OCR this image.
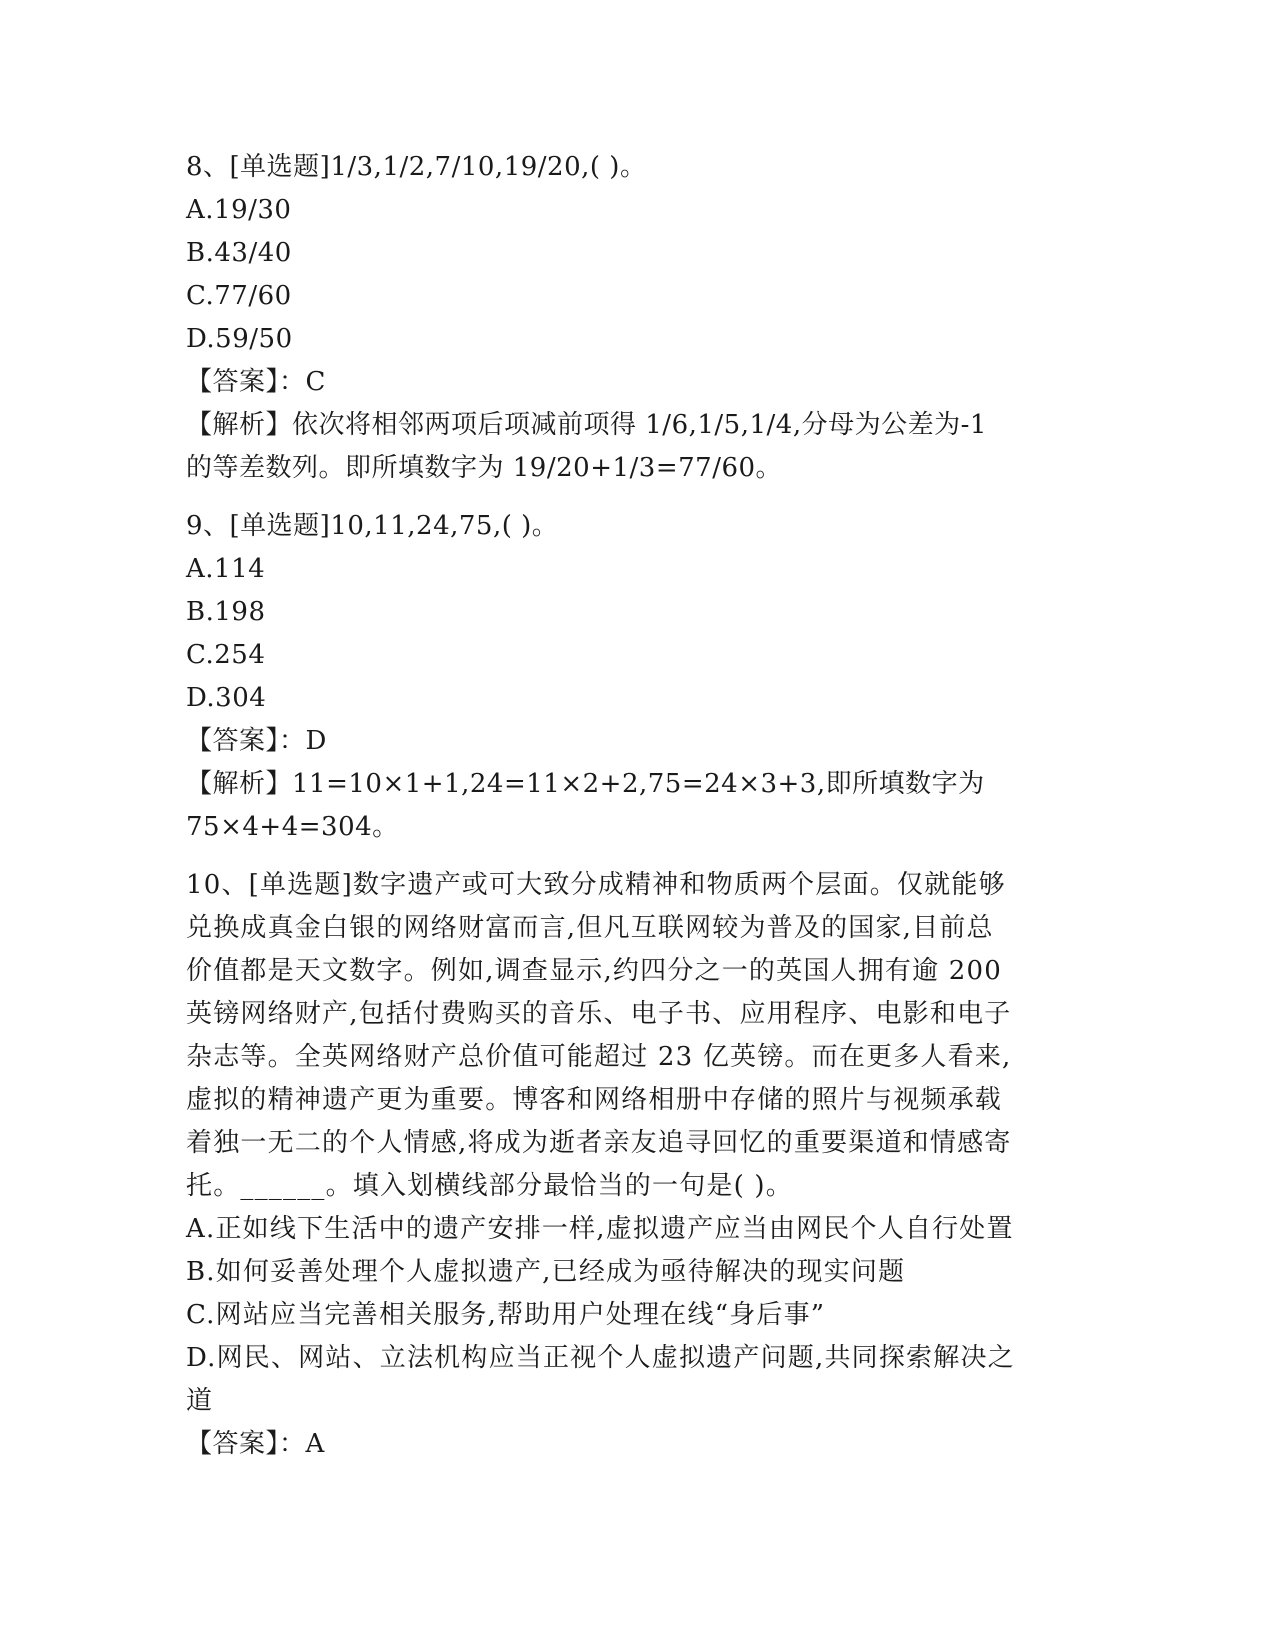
8、[单选题]1/3,1/2,7/10,19/20,( )。
A.19/30
B.43/40
C.77/60
D.59/50
【答案】：C
【解析】依次将相邻两项后项减前项得 1/6,1/5,1/4,分母为公差为-1
的等差数列。即所填数字为 19/20+1/3=77/60。
9、[单选题]10,11,24,75,( )。
A.114
B.198
C.254
D.304
【答案】：D
【解析】11=10×1+1,24=11×2+2,75=24×3+3,即所填数字为
75×4+4=304。
10、[单选题]数字遗产或可大致分成精神和物质两个层面。仅就能够
兑换成真金白银的网络财富而言,但凡互联网较为普及的国家,目前总
价值都是天文数字。例如,调查显示,约四分之一的英国人拥有逾 200
英镑网络财产,包括付费购买的音乐、电子书、应用程序、电影和电子
杂志等。全英网络财产总价值可能超过 23 亿英镑。而在更多人看来,
虚拟的精神遗产更为重要。博客和网络相册中存储的照片与视频承载
着独一无二的个人情感,将成为逝者亲友追寻回忆的重要渠道和情感寄
托。______。填入划横线部分最恰当的一句是( )。
A.正如线下生活中的遗产安排一样,虚拟遗产应当由网民个人自行处置
B.如何妥善处理个人虚拟遗产,已经成为亟待解决的现实问题
C.网站应当完善相关服务,帮助用户处理在线“身后事”
D.网民、网站、立法机构应当正视个人虚拟遗产问题,共同探索解决之
道
【答案】：A
